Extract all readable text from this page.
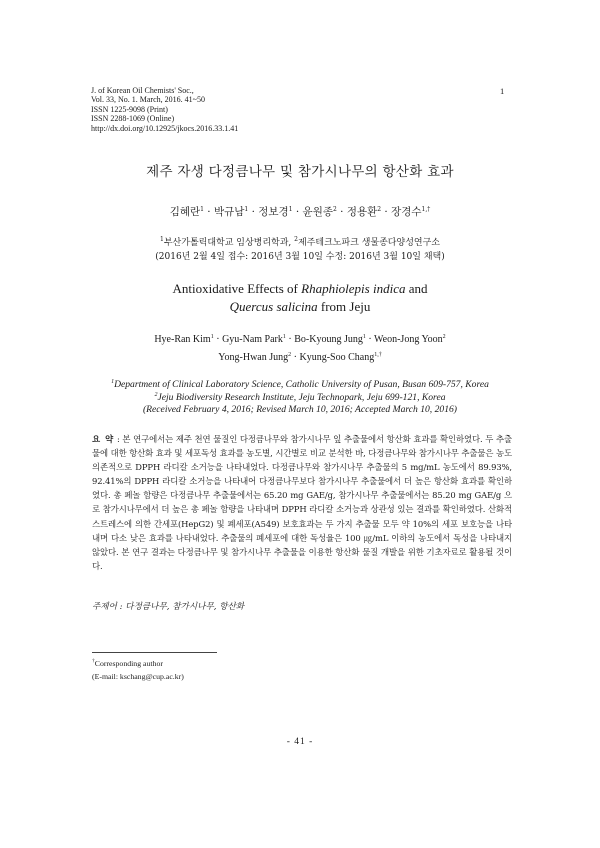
J. of Korean Oil Chemists' Soc.,
Vol. 33, No. 1. March, 2016. 41~50
ISSN 1225-9098 (Print)
ISSN 2288-1069 (Online)
http://dx.doi.org/10.12925/jkocs.2016.33.1.41
1
제주 자생 다정큼나무 및 참가시나무의 항산화 효과
김혜란$^1$ · 박규남$^1$ · 정보경$^1$ · 윤원종$^2$ · 정용환$^2$ · 장경수$^{1,\dagger}$
$^1$부산가톨릭대학교 임상병리학과, $^2$제주테크노파크 생물종다양성연구소
(2016년 2월 4일 접수: 2016년 3월 10일 수정: 2016년 3월 10일 채택)
Antioxidative Effects of Rhaphiolepis indica and
Quercus salicina from Jeju
Hye-Ran Kim$^1$ · Gyu-Nam Park$^1$ · Bo-Kyoung Jung$^1$ · Weon-Jong Yoon$^2$
Yong-Hwan Jung$^2$ · Kyung-Soo Chang$^{1,\dagger}$
$^1$Department of Clinical Laboratory Science, Catholic University of Pusan, Busan 609-757, Korea
$^2$Jeju Biodiversity Research Institute, Jeju Technopark, Jeju 699-121, Korea
(Received February 4, 2016; Revised March 10, 2016; Accepted March 10, 2016)
요 약 : 본 연구에서는 제주 천연 물질인 다정큼나무와 참가시나무 잎 추출물에서 항산화 효과를 확인하였다. 두 추출물에 대한 항산화 효과 및 세포독성 효과를 농도별, 시간별로 비교 분석한 바, 다정큼나무와 참가시나무 추출물은 농도 의존적으로 DPPH 라디칼 소거능을 나타내었다. 다정큼나무와 참가시나무 추출물의 5 mg/mL 농도에서 89.93%, 92.41%의 DPPH 라디칼 소거능을 나타내어 다정큼나무보다 참가시나무 추출물에서 더 높은 항산화 효과를 확인하였다. 총 페놀 함량은 다정큼나무 추출물에서는 65.20 mg GAE/g, 참가시나무 추출물에서는 85.20 mg GAE/g 으로 참가시나무에서 더 높은 총 페놀 함량을 나타내며 DPPH 라디칼 소거능과 상관성 있는 결과를 확인하였다. 산화적 스트레스에 의한 간세포(HepG2) 및 폐세포(A549) 보호효과는 두 가지 추출물 모두 약 10%의 세포 보호능을 나타내며 다소 낮은 효과를 나타내었다. 추출물의 폐세포에 대한 독성율은 100 ㎍/mL 이하의 농도에서 독성을 나타내지 않았다. 본 연구 결과는 다정큼나무 및 참가시나무 추출물을 이용한 항산화 물질 개발을 위한 기초자료로 활용될 것이다.
주제어 : 다정큼나무, 참가시나무, 항산화
†Corresponding author
(E-mail: kschang@cup.ac.kr)
- 41 -
